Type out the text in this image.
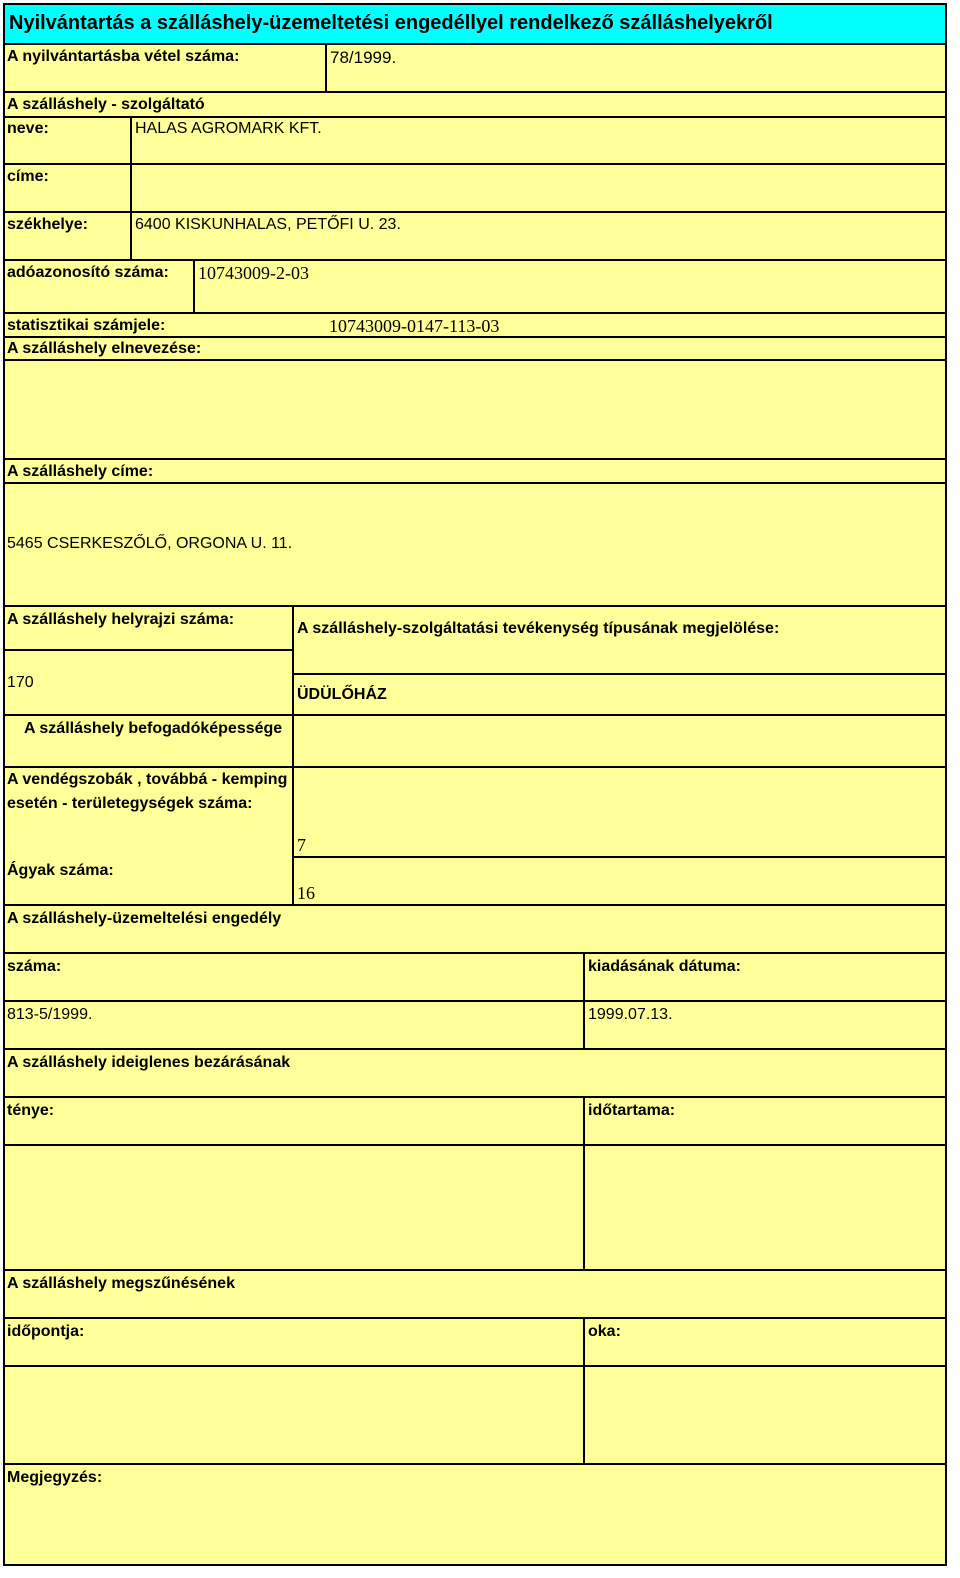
Nyilvántartás a szálláshely-üzemeltetési engedéllyel rendelkező szálláshelyekről
A nyilvántartásba vétel száma:	78/1999.
A szálláshely - szolgáltató
neve:	HALAS AGROMARK KFT.
címe:
székhelye:	6400 KISKUNHALAS, PETŐFI U. 23.
adóazonosító száma: 10743009-2-03
statisztikai számjele:	10743009-0147-113-03
A szálláshely elnevezése:
A szálláshely címe:
5465 CSERKESZŐLŐ, ORGONA U. 11.
A szálláshely helyrajzi száma:
170
A szálláshely-szolgáltatási tevékenység típusának megjelölése:
ÜDÜLŐHÁZ
A szálláshely befogadóképessége
A vendégszobák , továbbá - kemping esetén - területegységek száma:
7
Ágyak száma:
16
A szálláshely-üzemeltelési engedély
száma:	kiadásának dátuma:
813-5/1999.	1999.07.13.
A szálláshely ideiglenes bezárásának
ténye:	időtartama:
A szálláshely megszűnésének
időpontja:	oka:
Megjegyzés:
